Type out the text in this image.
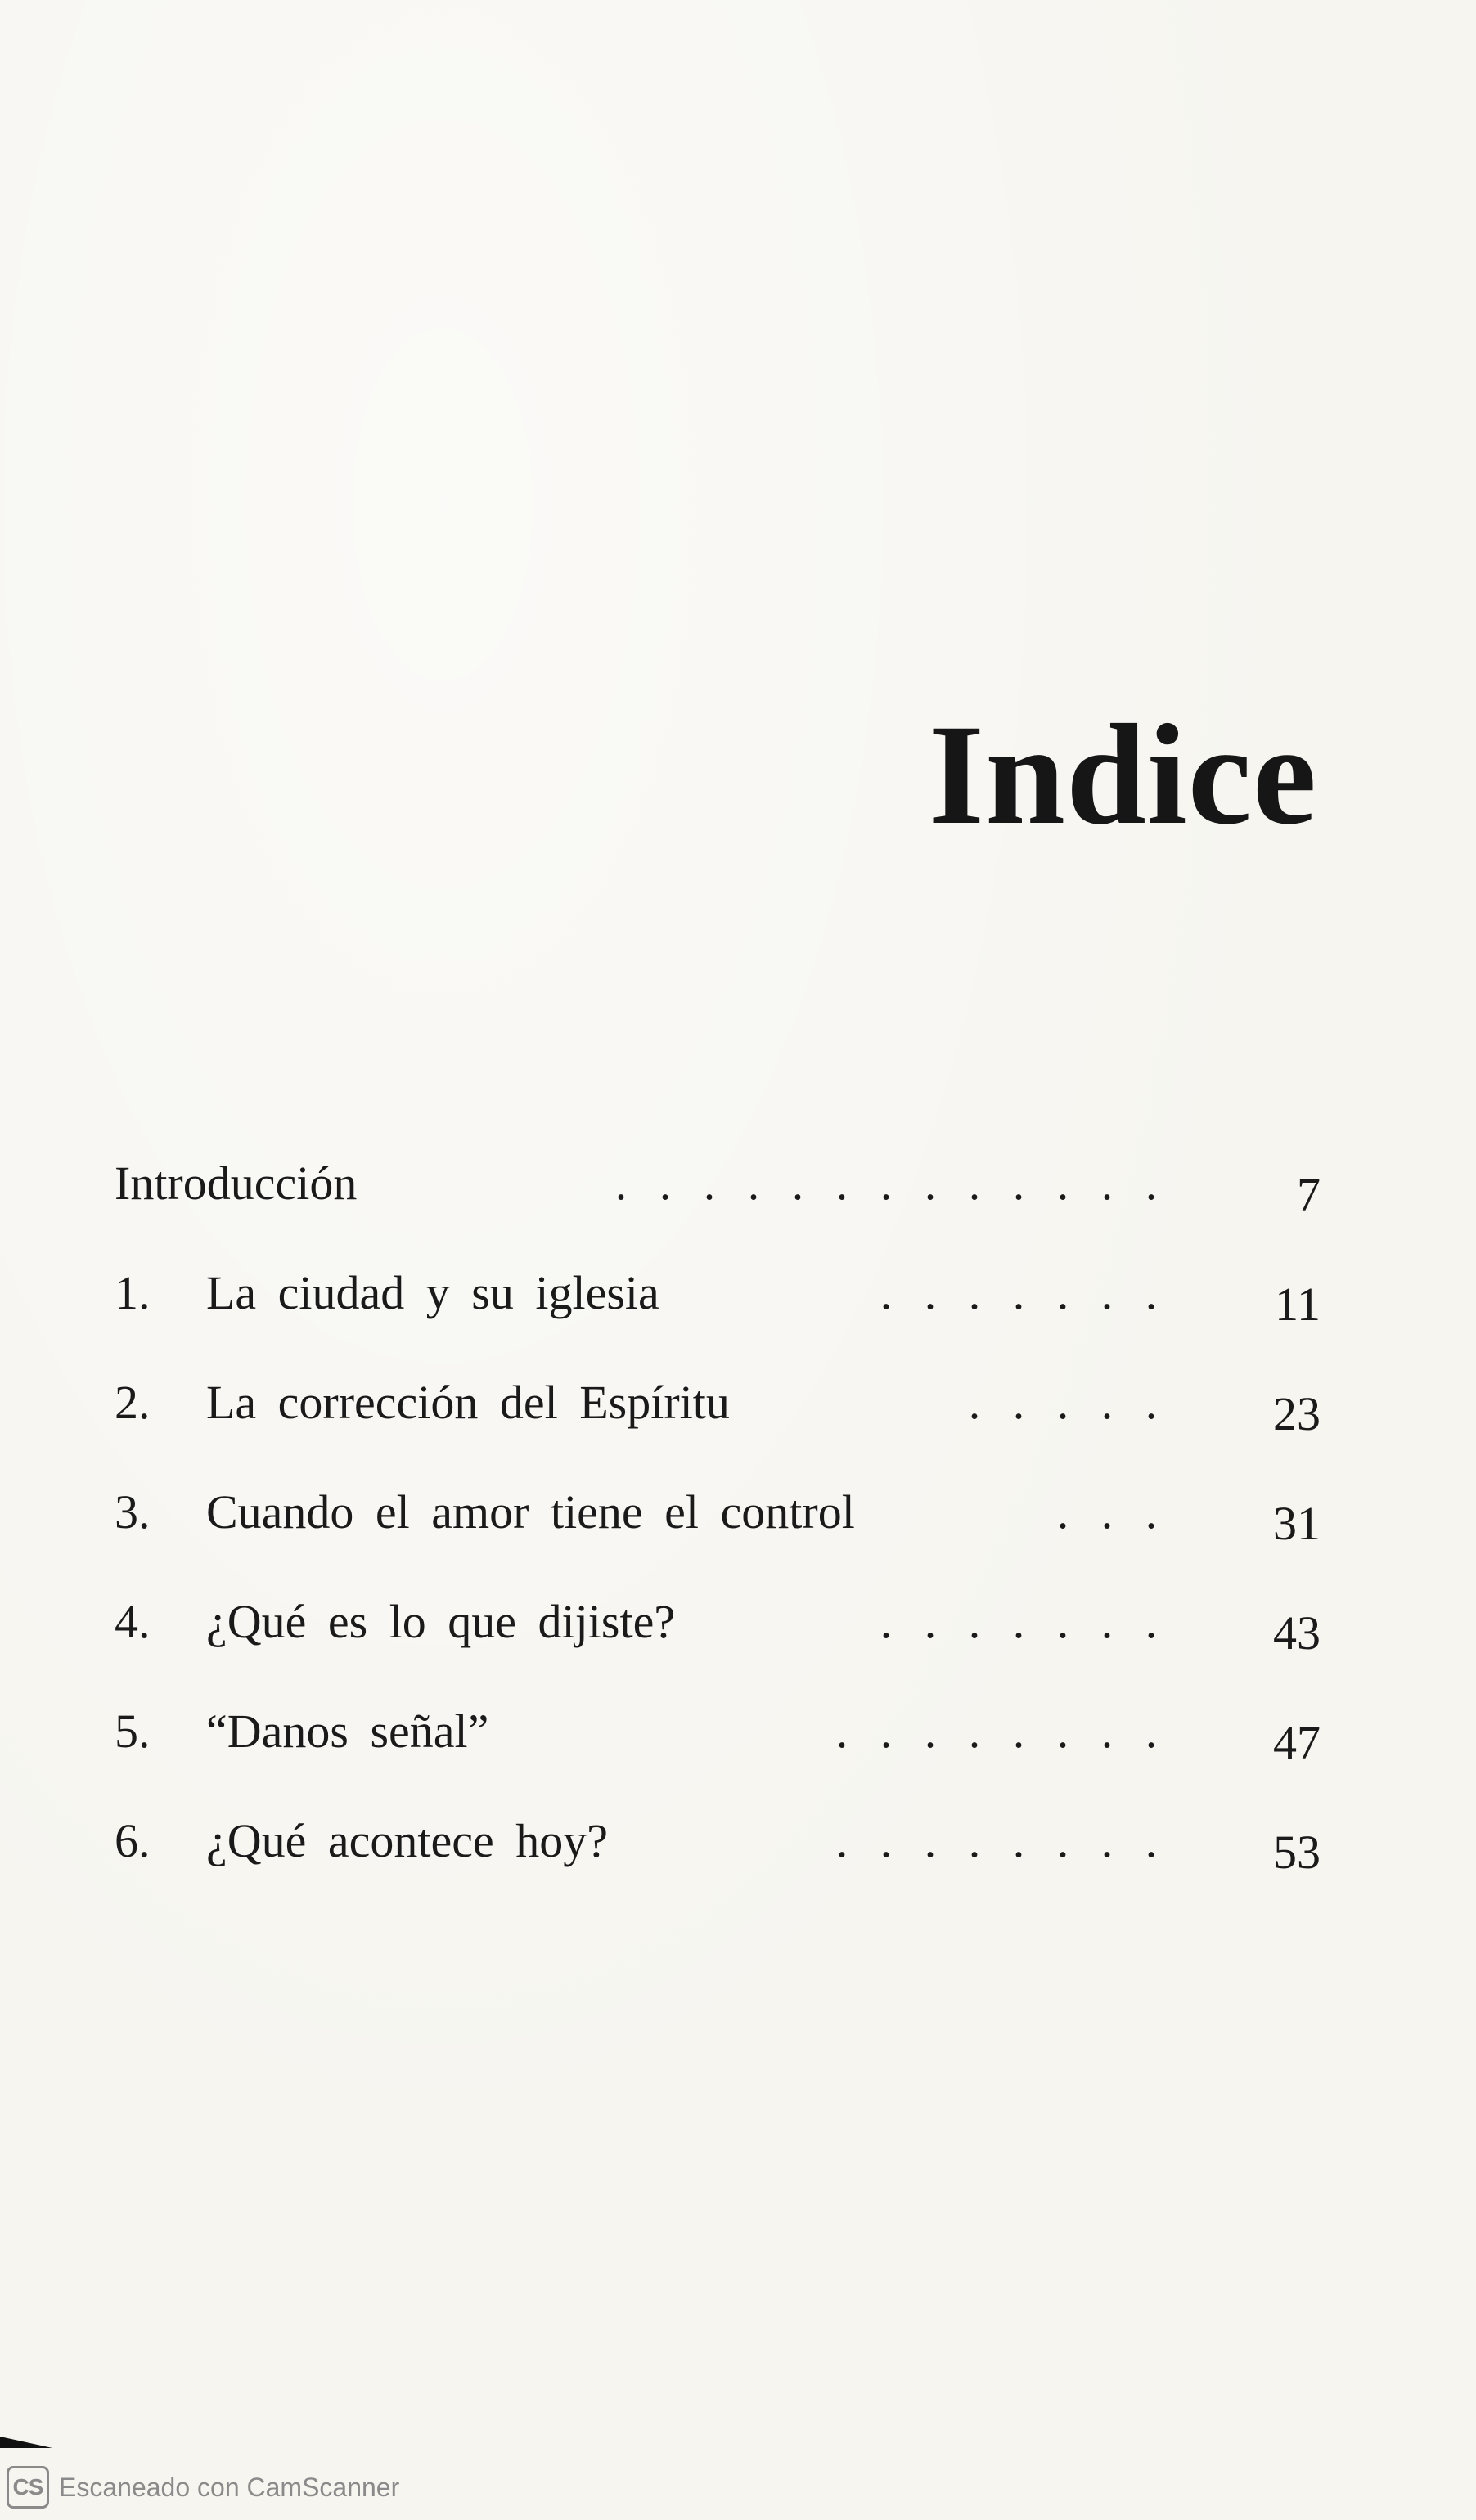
Indice
Introducción	. . . . . . . . . . . . .	7
1.	La ciudad y su iglesia	. . . . . . .	11
2.	La corrección del Espíritu	. . . . .	23
3.	Cuando el amor tiene el control	. . .	31
4.	¿Qué es lo que dijiste?	. . . . . . .	43
5.	“Danos señal”	. . . . . . . .	47
6.	¿Qué acontece hoy?	. . . . . . . .	53
CS Escaneado con CamScanner
